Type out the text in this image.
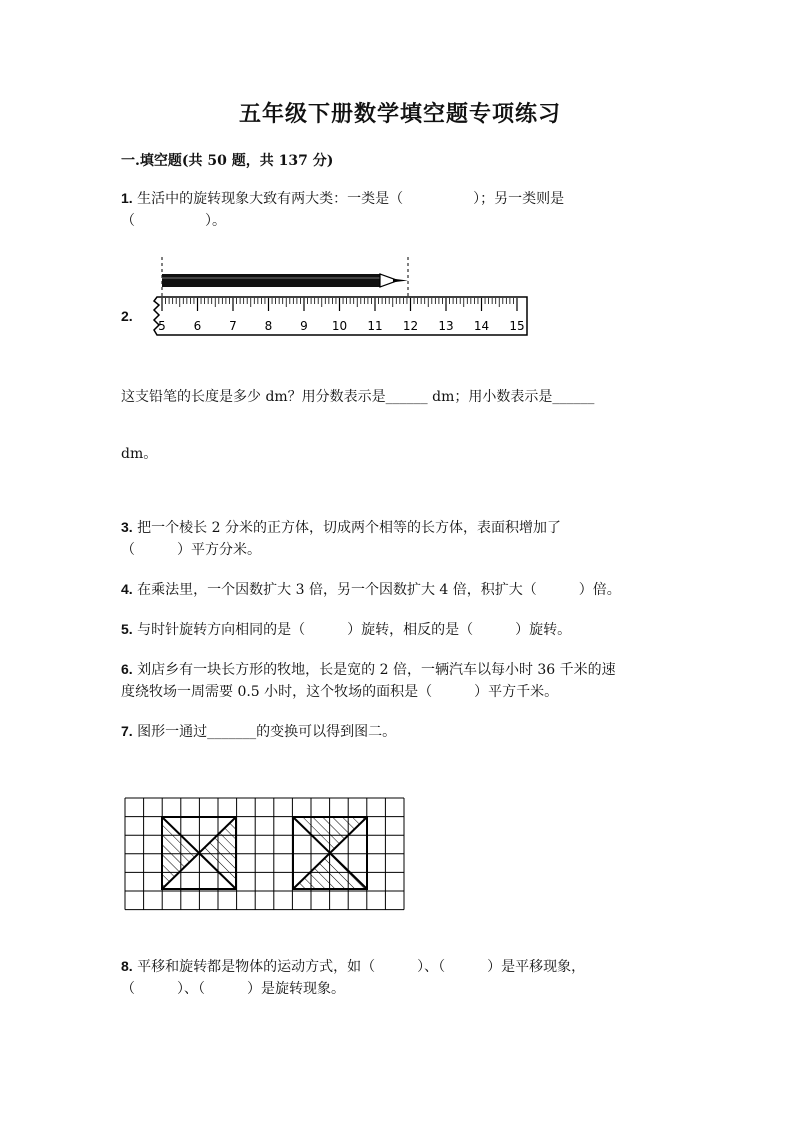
五年级下册数学填空题专项练习
一.填空题(共 50 题，共 137 分)
1. 生活中的旋转现象大致有两大类：一类是（　　　　　）；另一类则是
（　　　　　）。
2.
5 6 7 8 9 10 11 12 13 14 15
这支铅笔的长度是多少 dm？用分数表示是______ dm；用小数表示是______
dm。
3. 把一个棱长 2 分米的正方体，切成两个相等的长方体，表面积增加了
（　　　）平方分米。
4. 在乘法里，一个因数扩大 3 倍，另一个因数扩大 4 倍，积扩大（　　　）倍。
5. 与时针旋转方向相同的是（　　　）旋转，相反的是（　　　）旋转。
6. 刘店乡有一块长方形的牧地，长是宽的 2 倍，一辆汽车以每小时 36 千米的速
度绕牧场一周需要 0.5 小时，这个牧场的面积是（　　　）平方千米。
7. 图形一通过_______的变换可以得到图二。
8. 平移和旋转都是物体的运动方式，如（　　　）、（　　　）是平移现象，
（　　　）、（　　　）是旋转现象。
